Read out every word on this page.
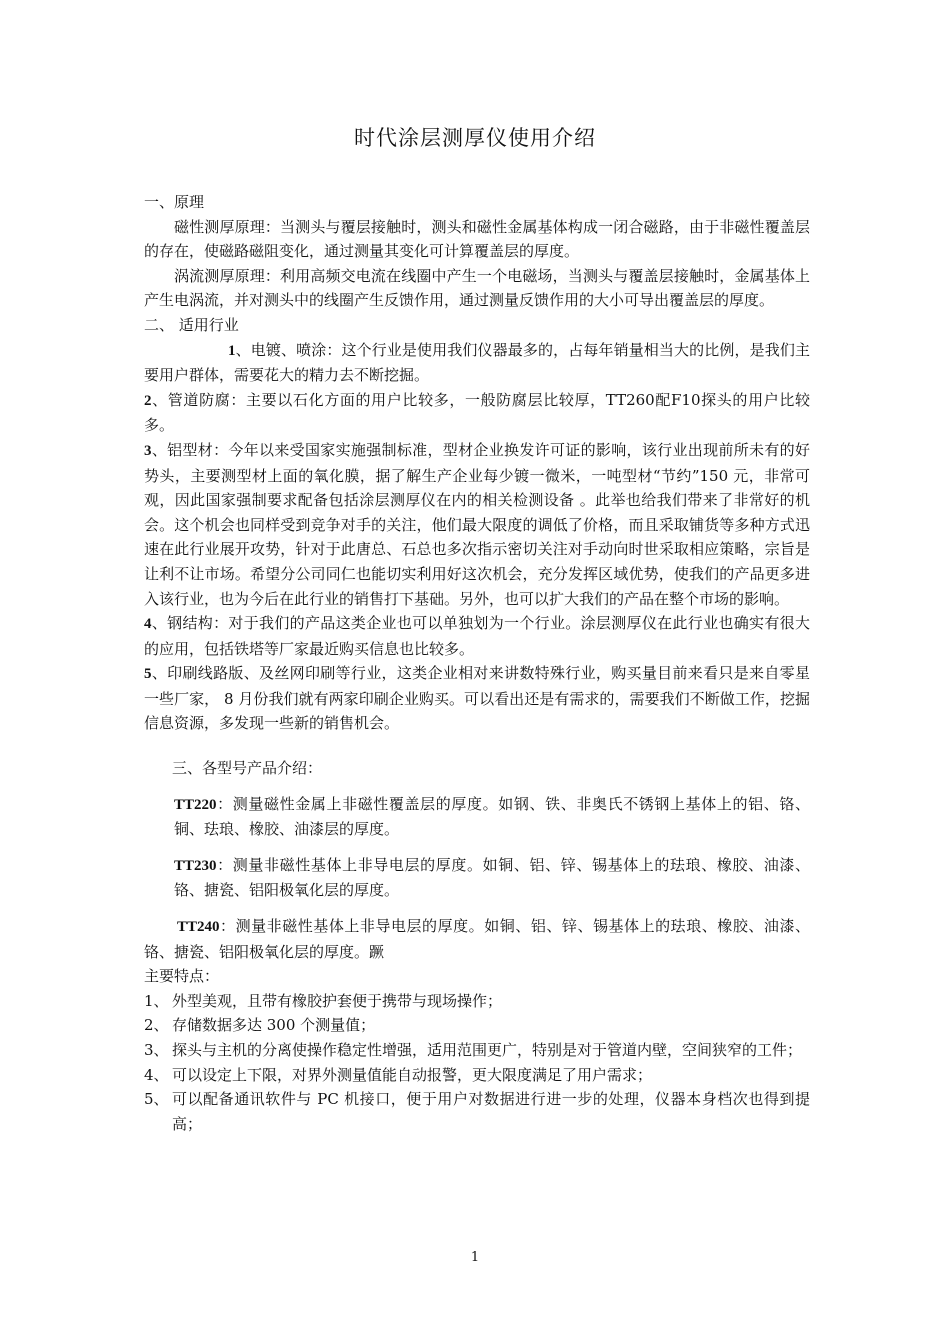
时代涂层测厚仪使用介绍

一、原理

磁性测厚原理：当测头与覆层接触时，测头和磁性金属基体构成一闭合磁路，由于非磁性覆盖层的存在，使磁路磁阻变化，通过测量其变化可计算覆盖层的厚度。

涡流测厚原理：利用高频交电流在线圈中产生一个电磁场，当测头与覆盖层接触时，金属基体上产生电涡流，并对测头中的线圈产生反馈作用，通过测量反馈作用的大小可导出覆盖层的厚度。

二、 适用行业

1、电镀、喷涂：这个行业是使用我们仪器最多的，占每年销量相当大的比例，是我们主要用户群体，需要花大的精力去不断挖掘。

2、管道防腐：主要以石化方面的用户比较多，一般防腐层比较厚，TT260配F10探头的用户比较多。

3、铝型材：今年以来受国家实施强制标准，型材企业换发许可证的影响，该行业出现前所未有的好势头，主要测型材上面的氧化膜，据了解生产企业每少镀一微米，一吨型材“节约”150 元，非常可观，因此国家强制要求配备包括涂层测厚仪在内的相关检测设备 。此举也给我们带来了非常好的机会。这个机会也同样受到竞争对手的关注，他们最大限度的调低了价格，而且采取铺货等多种方式迅速在此行业展开攻势，针对于此唐总、石总也多次指示密切关注对手动向时世采取相应策略，宗旨是让利不让市场。希望分公司同仁也能切实利用好这次机会，充分发挥区域优势，使我们的产品更多进入该行业，也为今后在此行业的销售打下基础。另外，也可以扩大我们的产品在整个市场的影响。

4、钢结构：对于我们的产品这类企业也可以单独划为一个行业。涂层测厚仪在此行业也确实有很大的应用，包括铁塔等厂家最近购买信息也比较多。

5、印刷线路版、及丝网印刷等行业，这类企业相对来讲数特殊行业，购买量目前来看只是来自零星一些厂家， 8 月份我们就有两家印刷企业购买。可以看出还是有需求的，需要我们不断做工作，挖掘信息资源，多发现一些新的销售机会。

三、各型号产品介绍：

TT220：测量磁性金属上非磁性覆盖层的厚度。如钢、铁、非奥氏不锈钢上基体上的铝、铬、铜、珐琅、橡胶、油漆层的厚度。

TT230：测量非磁性基体上非导电层的厚度。如铜、铝、锌、锡基体上的珐琅、橡胶、油漆、铬、搪瓷、铝阳极氧化层的厚度。

TT240：测量非磁性基体上非导电层的厚度。如铜、铝、锌、锡基体上的珐琅、橡胶、油漆、铬、搪瓷、铝阳极氧化层的厚度。蹶

主要特点：

1、 外型美观，且带有橡胶护套便于携带与现场操作；
2、 存储数据多达 300 个测量值；
3、 探头与主机的分离使操作稳定性增强，适用范围更广，特别是对于管道内壁，空间狭窄的工件；
4、 可以设定上下限，对界外测量值能自动报警，更大限度满足了用户需求；
5、 可以配备通讯软件与 PC 机接口，便于用户对数据进行进一步的处理，仪器本身档次也得到提高；
1
